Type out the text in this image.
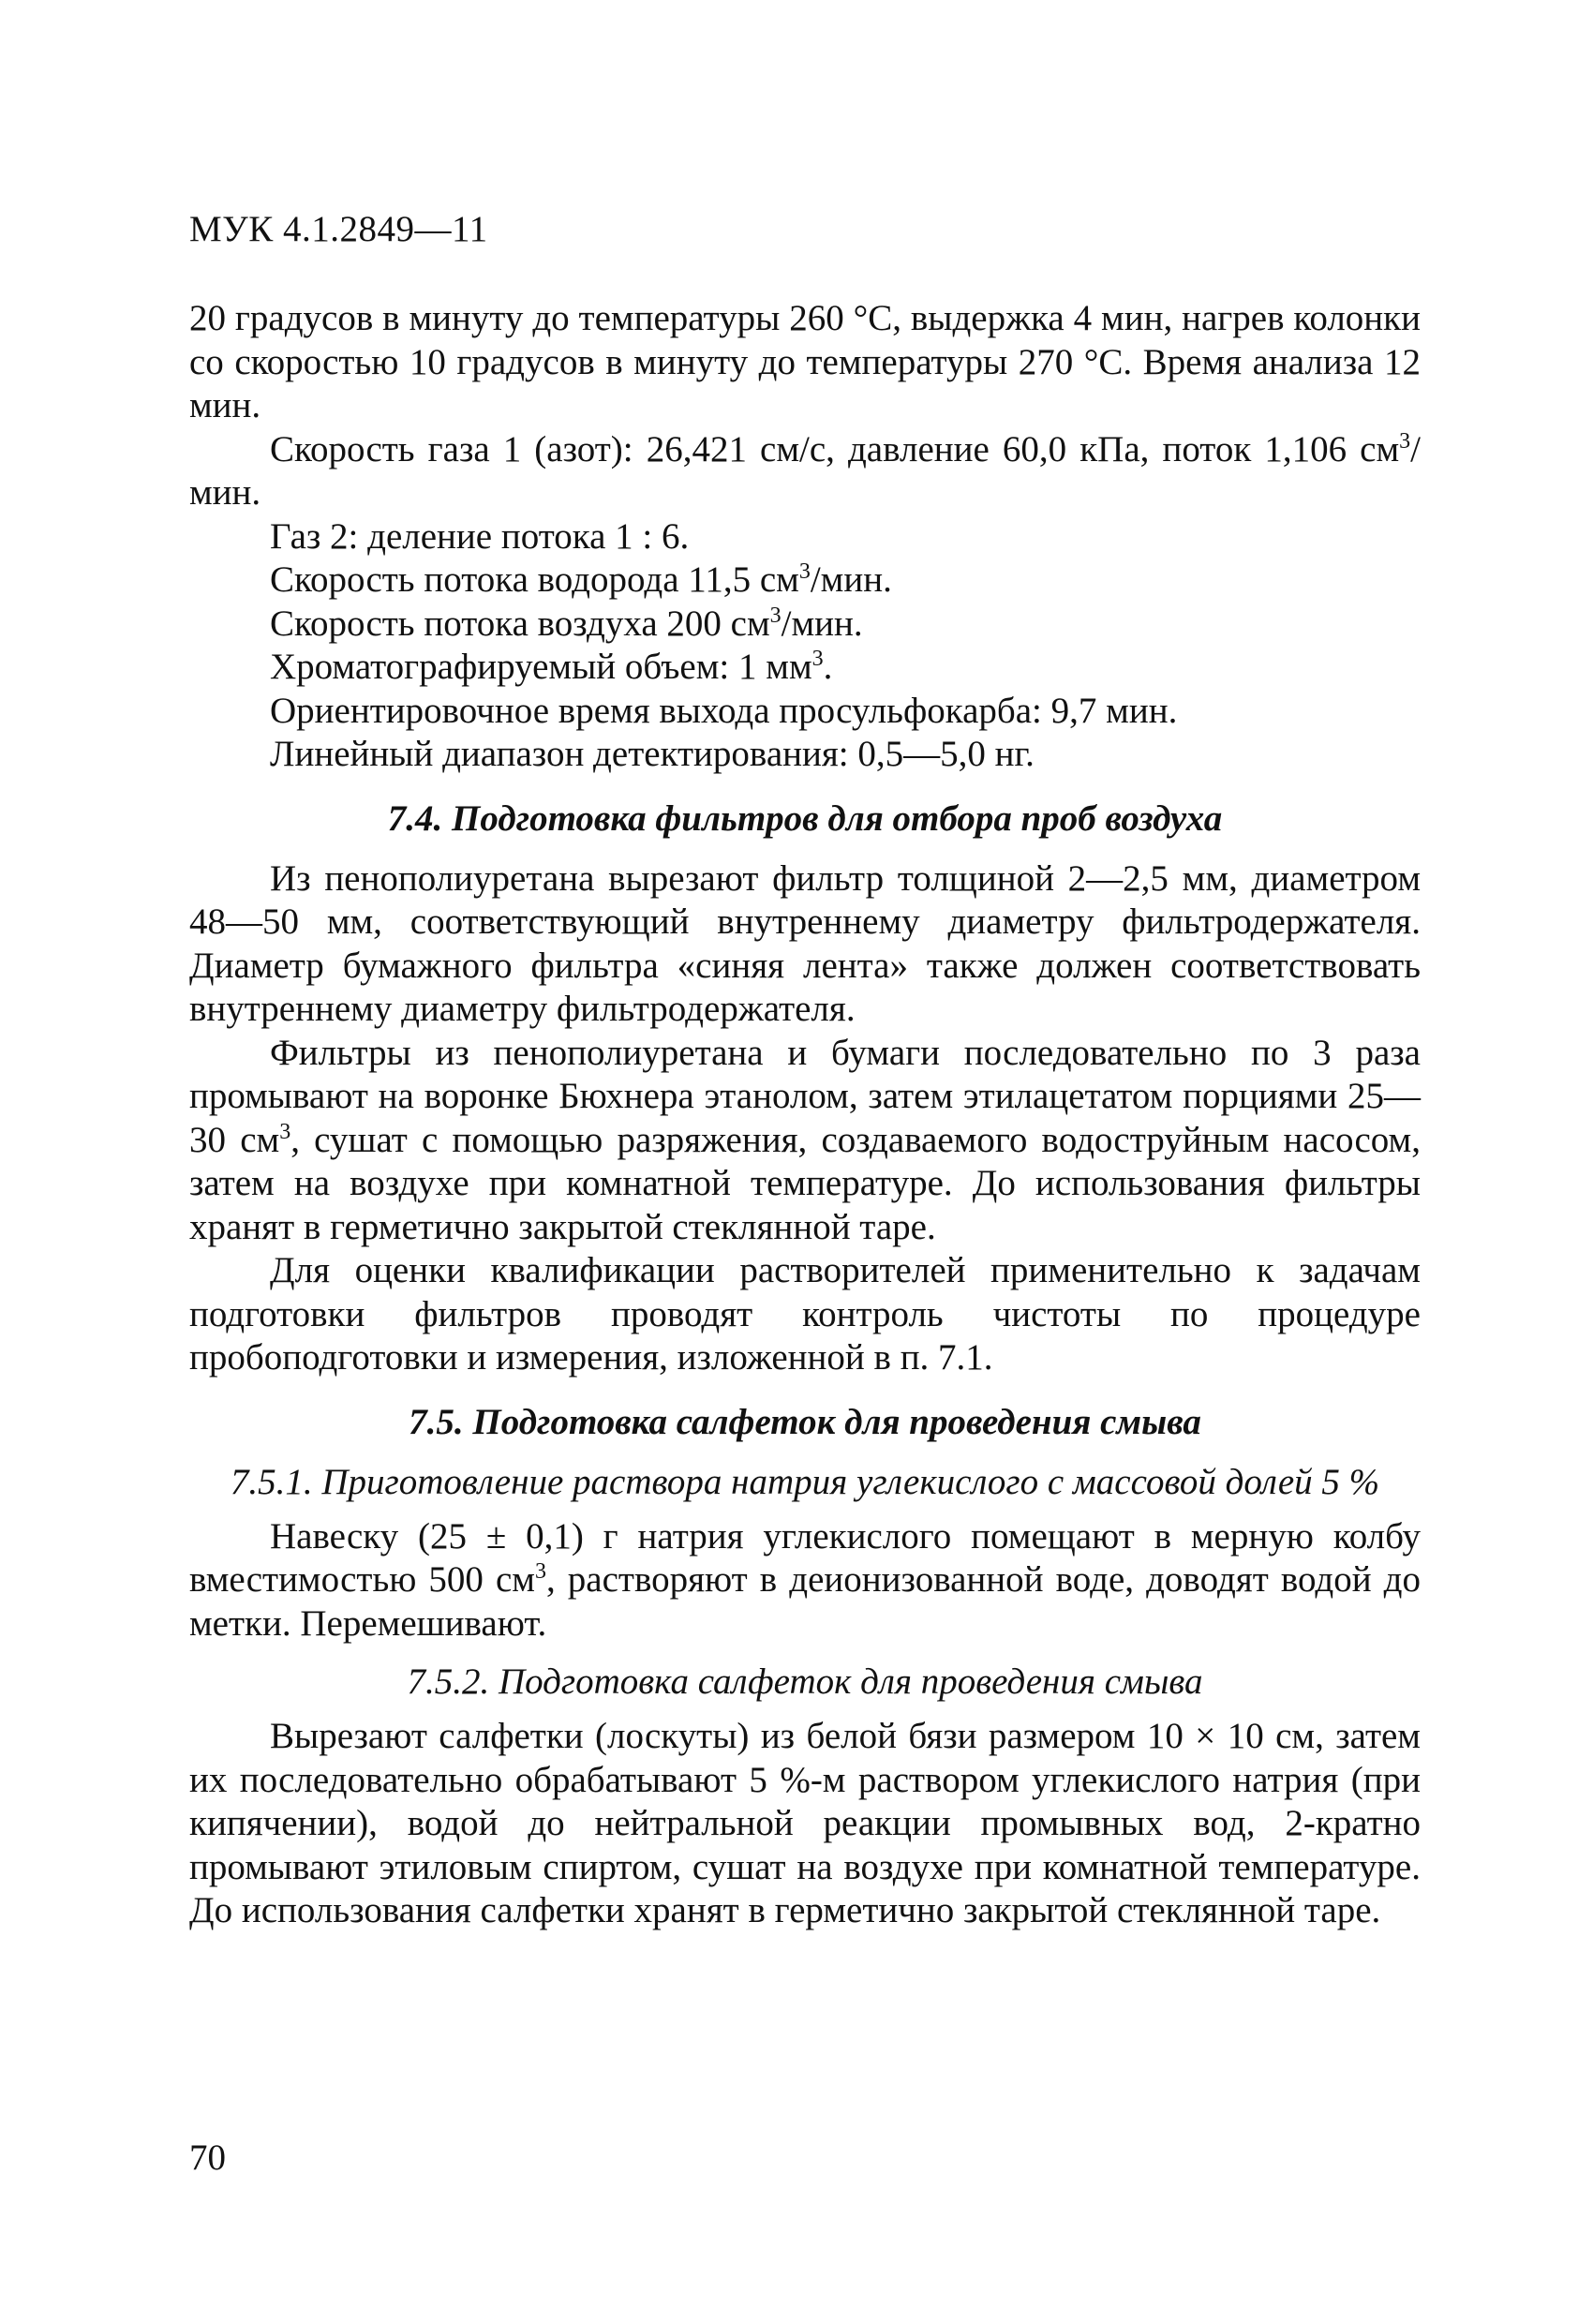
МУК 4.1.2849—11

20 градусов в минуту до температуры 260 °С, выдержка 4 мин, нагрев колонки со скоростью 10 градусов в минуту до температуры 270 °С. Время анализа 12 мин.

Скорость газа 1 (азот): 26,421 см/с, давление 60,0 кПа, поток 1,106 $см^3$/мин.

Газ 2: деление потока 1 : 6.
Скорость потока водорода 11,5 $см^3$/мин.
Скорость потока воздуха 200 $см^3$/мин.
Хроматографируемый объем: 1 $мм^3$.
Ориентировочное время выхода просульфокарба: 9,7 мин.
Линейный диапазон детектирования: 0,5—5,0 нг.
7.4. Подготовка фильтров для отбора проб воздуха

Из пенополиуретана вырезают фильтр толщиной 2—2,5 мм, диаметром 48—50 мм, соответствующий внутреннему диаметру фильтродержателя. Диаметр бумажного фильтра «синяя лента» также должен соответствовать внутреннему диаметру фильтродержателя.

Фильтры из пенополиуретана и бумаги последовательно по 3 раза промывают на воронке Бюхнера этанолом, затем этилацетатом порциями 25—30 $см^3$, сушат с помощью разряжения, создаваемого водоструйным насосом, затем на воздухе при комнатной температуре. До использования фильтры хранят в герметично закрытой стеклянной таре.

Для оценки квалификации растворителей применительно к задачам подготовки фильтров проводят контроль чистоты по процедуре пробоподготовки и измерения, изложенной в п. 7.1.

7.5. Подготовка салфеток для проведения смыва
7.5.1. Приготовление раствора натрия углекислого с массовой долей 5 %

Навеску (25 ± 0,1) г натрия углекислого помещают в мерную колбу вместимостью 500 $см^3$, растворяют в деионизованной воде, доводят водой до метки. Перемешивают.

7.5.2. Подготовка салфеток для проведения смыва

Вырезают салфетки (лоскуты) из белой бязи размером 10 × 10 см, затем их последовательно обрабатывают 5 %-м раствором углекислого натрия (при кипячении), водой до нейтральной реакции промывных вод, 2-кратно промывают этиловым спиртом, сушат на воздухе при комнатной температуре. До использования салфетки хранят в герметично закрытой стеклянной таре.

70
